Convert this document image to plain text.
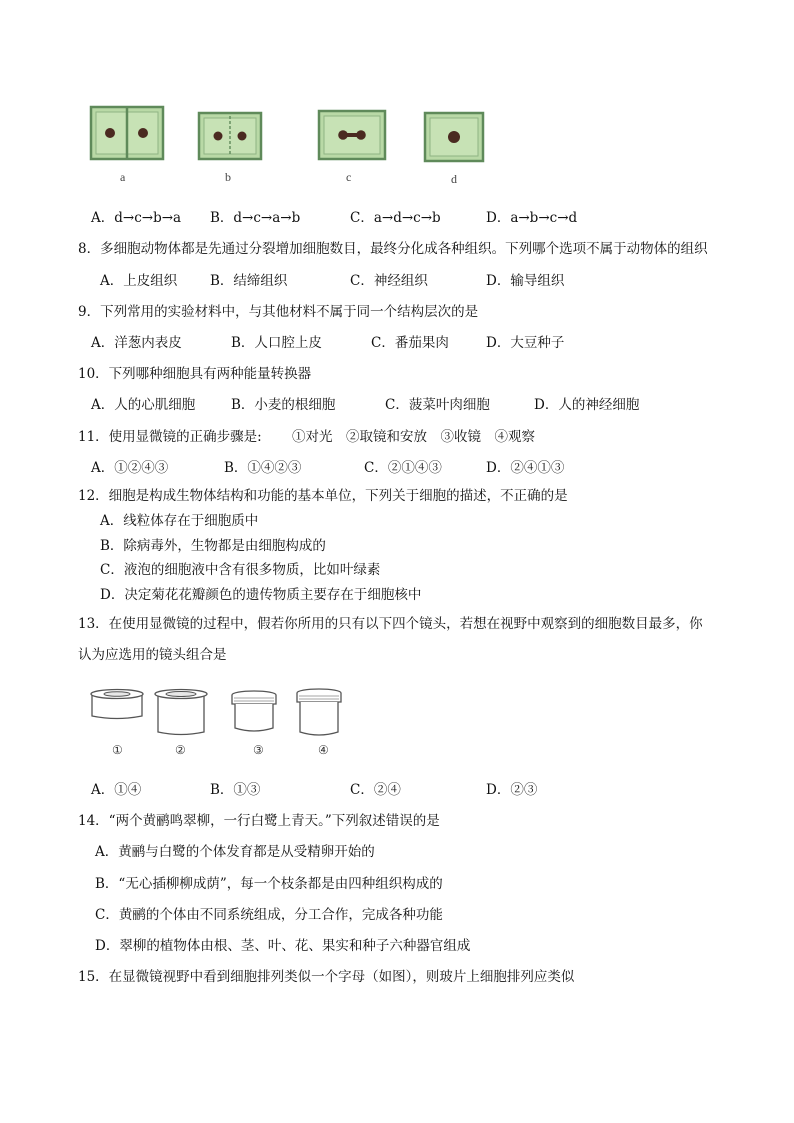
a	b	c	d
A．d→c→b→a B．d→c→a→b	C．a→d→c→b	D．a→b→c→d
8．多细胞动物体都是先通过分裂增加细胞数目，最终分化成各种组织。下列哪个选项不属于动物体的组织
A．上皮组织 B．结缔组织	C．神经组织	D．输导组织
9．下列常用的实验材料中，与其他材料不属于同一个结构层次的是
A．洋葱内表皮	B．人口腔上皮	C．番茄果肉	D．大豆种子
10．下列哪种细胞具有两种能量转换器
A．人的心肌细胞	B．小麦的根细胞	C．菠菜叶肉细胞	D．人的神经细胞
11．使用显微镜的正确步骤是: ①对光　②取镜和安放　③收镜　④观察
A．①②④③	B．①④②③	C．②①④③	D．②④①③
12．细胞是构成生物体结构和功能的基本单位，下列关于细胞的描述，不正确的是
A．线粒体存在于细胞质中
B．除病毒外，生物都是由细胞构成的
C．液泡的细胞液中含有很多物质，比如叶绿素
D．决定菊花花瓣颜色的遗传物质主要存在于细胞核中
13．在使用显微镜的过程中，假若你所用的只有以下四个镜头，若想在视野中观察到的细胞数目最多，你
认为应选用的镜头组合是
①	②	③	④
A．①④	B．①③	C．②④	D．②③
14．“两个黄鹂鸣翠柳，一行白鹭上青天。”下列叙述错误的是
A．黄鹂与白鹭的个体发育都是从受精卵开始的
B．“无心插柳柳成荫”，每一个枝条都是由四种组织构成的
C．黄鹂的个体由不同系统组成，分工合作，完成各种功能
D．翠柳的植物体由根、茎、叶、花、果实和种子六种器官组成
15．在显微镜视野中看到细胞排列类似一个字母（如图），则玻片上细胞排列应类似
